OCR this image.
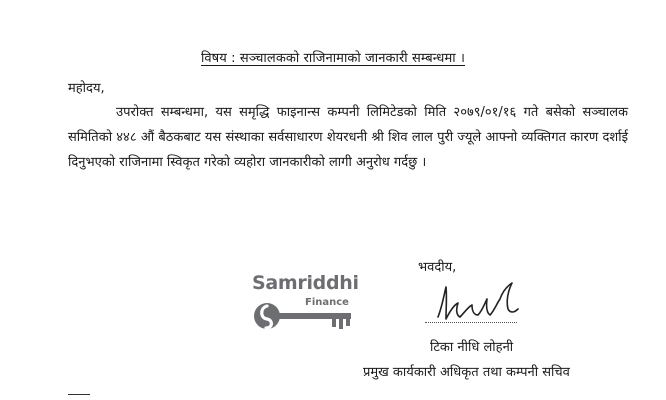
विषय : सञ्चालकको राजिनामाको जानकारी सम्बन्धमा ।
महोदय,

उपरोक्त सम्बन्धमा, यस समृद्धि फाइनान्स कम्पनी लिमिटेडको मिति २०७९/०१/१६ गते बसेको सञ्चालक समितिको ४४८ औं बैठकबाट यस संस्थाका सर्वसाधारण शेयरधनी श्री शिव लाल पुरी ज्यूले आफ्नो व्यक्तिगत कारण दर्शाई दिनुभएको राजिनामा स्विकृत गरेको व्यहोरा जानकारीको लागी अनुरोध गर्दछु ।

Samriddhi
Finance
भवदीय,
टिका नीधि लोहनी
प्रमुख कार्यकारी अधिकृत तथा कम्पनी सचिव
